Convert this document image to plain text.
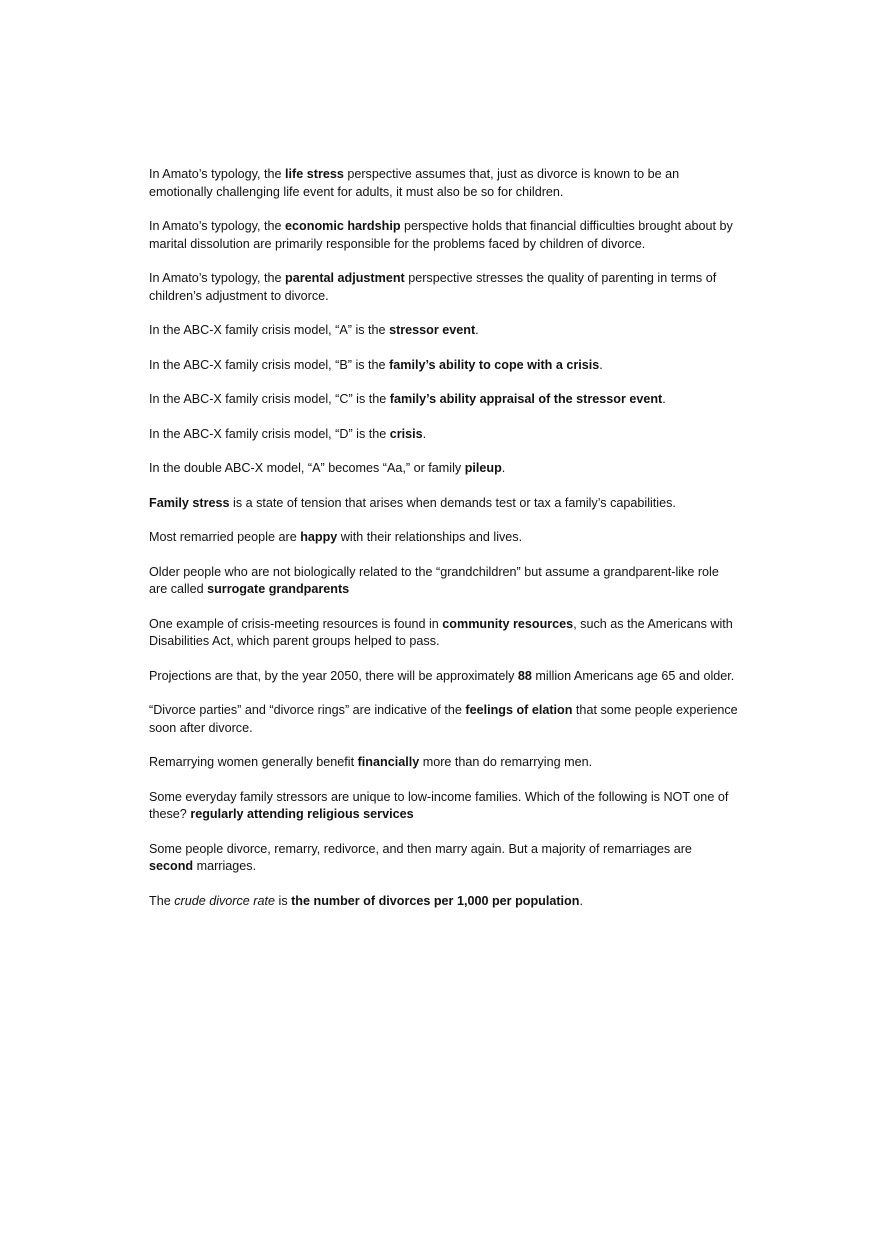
In Amato’s typology, the life stress perspective assumes that, just as divorce is known to be an emotionally challenging life event for adults, it must also be so for children.

In Amato’s typology, the economic hardship perspective holds that financial difficulties brought about by marital dissolution are primarily responsible for the problems faced by children of divorce.

In Amato’s typology, the parental adjustment perspective stresses the quality of parenting in terms of children’s adjustment to divorce.

In the ABC-X family crisis model, “A” is the stressor event.

In the ABC-X family crisis model, “B” is the family’s ability to cope with a crisis.

In the ABC-X family crisis model, “C” is the family’s ability appraisal of the stressor event.

In the ABC-X family crisis model, “D” is the crisis.

In the double ABC-X model, “A” becomes “Aa,” or family pileup.

Family stress is a state of tension that arises when demands test or tax a family’s capabilities.

Most remarried people are happy with their relationships and lives.

Older people who are not biologically related to the “grandchildren” but assume a grandparent-like role are called surrogate grandparents

One example of crisis-meeting resources is found in community resources, such as the Americans with Disabilities Act, which parent groups helped to pass.

Projections are that, by the year 2050, there will be approximately 88 million Americans age 65 and older.

“Divorce parties” and “divorce rings” are indicative of the feelings of elation that some people experience soon after divorce.

Remarrying women generally benefit financially more than do remarrying men.

Some everyday family stressors are unique to low-income families. Which of the following is NOT one of these? regularly attending religious services

Some people divorce, remarry, redivorce, and then marry again. But a majority of remarriages are second marriages.

The crude divorce rate is the number of divorces per 1,000 per population.
